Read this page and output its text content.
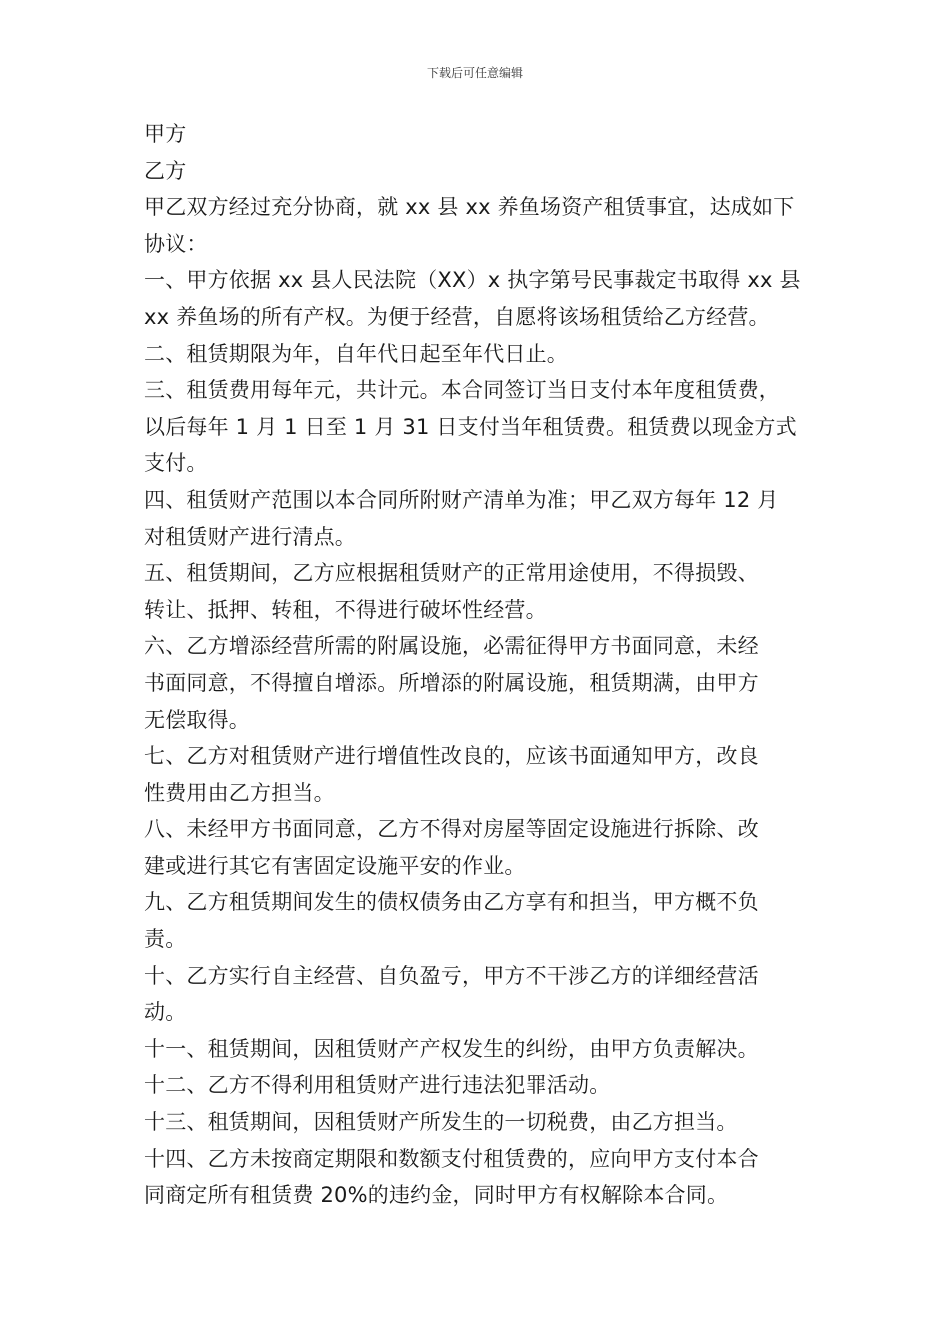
下载后可任意编辑

甲方

乙方

甲乙双方经过充分协商，就 xx 县 xx 养鱼场资产租赁事宜，达成如下
协议：

一、甲方依据 xx 县人民法院（XX）x 执字第号民事裁定书取得 xx 县
xx 养鱼场的所有产权。为便于经营，自愿将该场租赁给乙方经营。

二、租赁期限为年，自年代日起至年代日止。

三、租赁费用每年元，共计元。本合同签订当日支付本年度租赁费，
以后每年 1 月 1 日至 1 月 31 日支付当年租赁费。租赁费以现金方式
支付。

四、租赁财产范围以本合同所附财产清单为准；甲乙双方每年 12 月
对租赁财产进行清点。

五、租赁期间，乙方应根据租赁财产的正常用途使用，不得损毁、
转让、抵押、转租，不得进行破坏性经营。

六、乙方增添经营所需的附属设施，必需征得甲方书面同意，未经
书面同意，不得擅自增添。所增添的附属设施，租赁期满，由甲方
无偿取得。

七、乙方对租赁财产进行增值性改良的，应该书面通知甲方，改良
性费用由乙方担当。

八、未经甲方书面同意，乙方不得对房屋等固定设施进行拆除、改
建或进行其它有害固定设施平安的作业。

九、乙方租赁期间发生的债权债务由乙方享有和担当，甲方概不负
责。

十、乙方实行自主经营、自负盈亏，甲方不干涉乙方的详细经营活
动。

十一、租赁期间，因租赁财产产权发生的纠纷，由甲方负责解决。

十二、乙方不得利用租赁财产进行违法犯罪活动。

十三、租赁期间，因租赁财产所发生的一切税费，由乙方担当。

十四、乙方未按商定期限和数额支付租赁费的，应向甲方支付本合
同商定所有租赁费 20%的违约金，同时甲方有权解除本合同。
